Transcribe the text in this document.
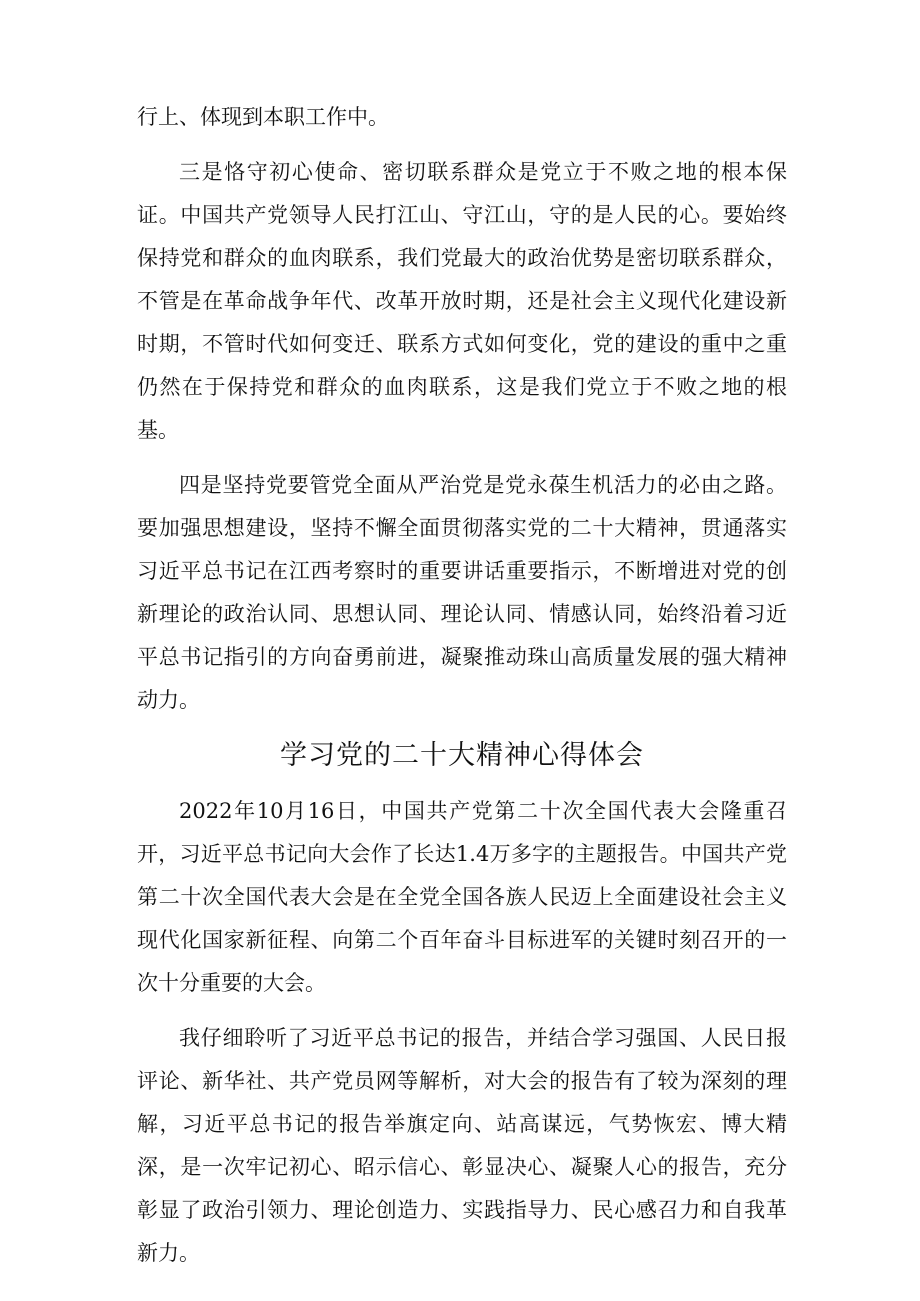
行上、体现到本职工作中。

三是恪守初心使命、密切联系群众是党立于不败之地的根本保证。中国共产党领导人民打江山、守江山，守的是人民的心。要始终保持党和群众的血肉联系，我们党最大的政治优势是密切联系群众，不管是在革命战争年代、改革开放时期，还是社会主义现代化建设新时期，不管时代如何变迁、联系方式如何变化，党的建设的重中之重仍然在于保持党和群众的血肉联系，这是我们党立于不败之地的根基。

四是坚持党要管党全面从严治党是党永葆生机活力的必由之路。要加强思想建设，坚持不懈全面贯彻落实党的二十大精神，贯通落实习近平总书记在江西考察时的重要讲话重要指示，不断增进对党的创新理论的政治认同、思想认同、理论认同、情感认同，始终沿着习近平总书记指引的方向奋勇前进，凝聚推动珠山高质量发展的强大精神动力。

学习党的二十大精神心得体会

2022年10月16日，中国共产党第二十次全国代表大会隆重召开，习近平总书记向大会作了长达1.4万多字的主题报告。中国共产党第二十次全国代表大会是在全党全国各族人民迈上全面建设社会主义现代化国家新征程、向第二个百年奋斗目标进军的关键时刻召开的一次十分重要的大会。

我仔细聆听了习近平总书记的报告，并结合学习强国、人民日报评论、新华社、共产党员网等解析，对大会的报告有了较为深刻的理解，习近平总书记的报告举旗定向、站高谋远，气势恢宏、博大精深，是一次牢记初心、昭示信心、彰显决心、凝聚人心的报告，充分彰显了政治引领力、理论创造力、实践指导力、民心感召力和自我革新力。
